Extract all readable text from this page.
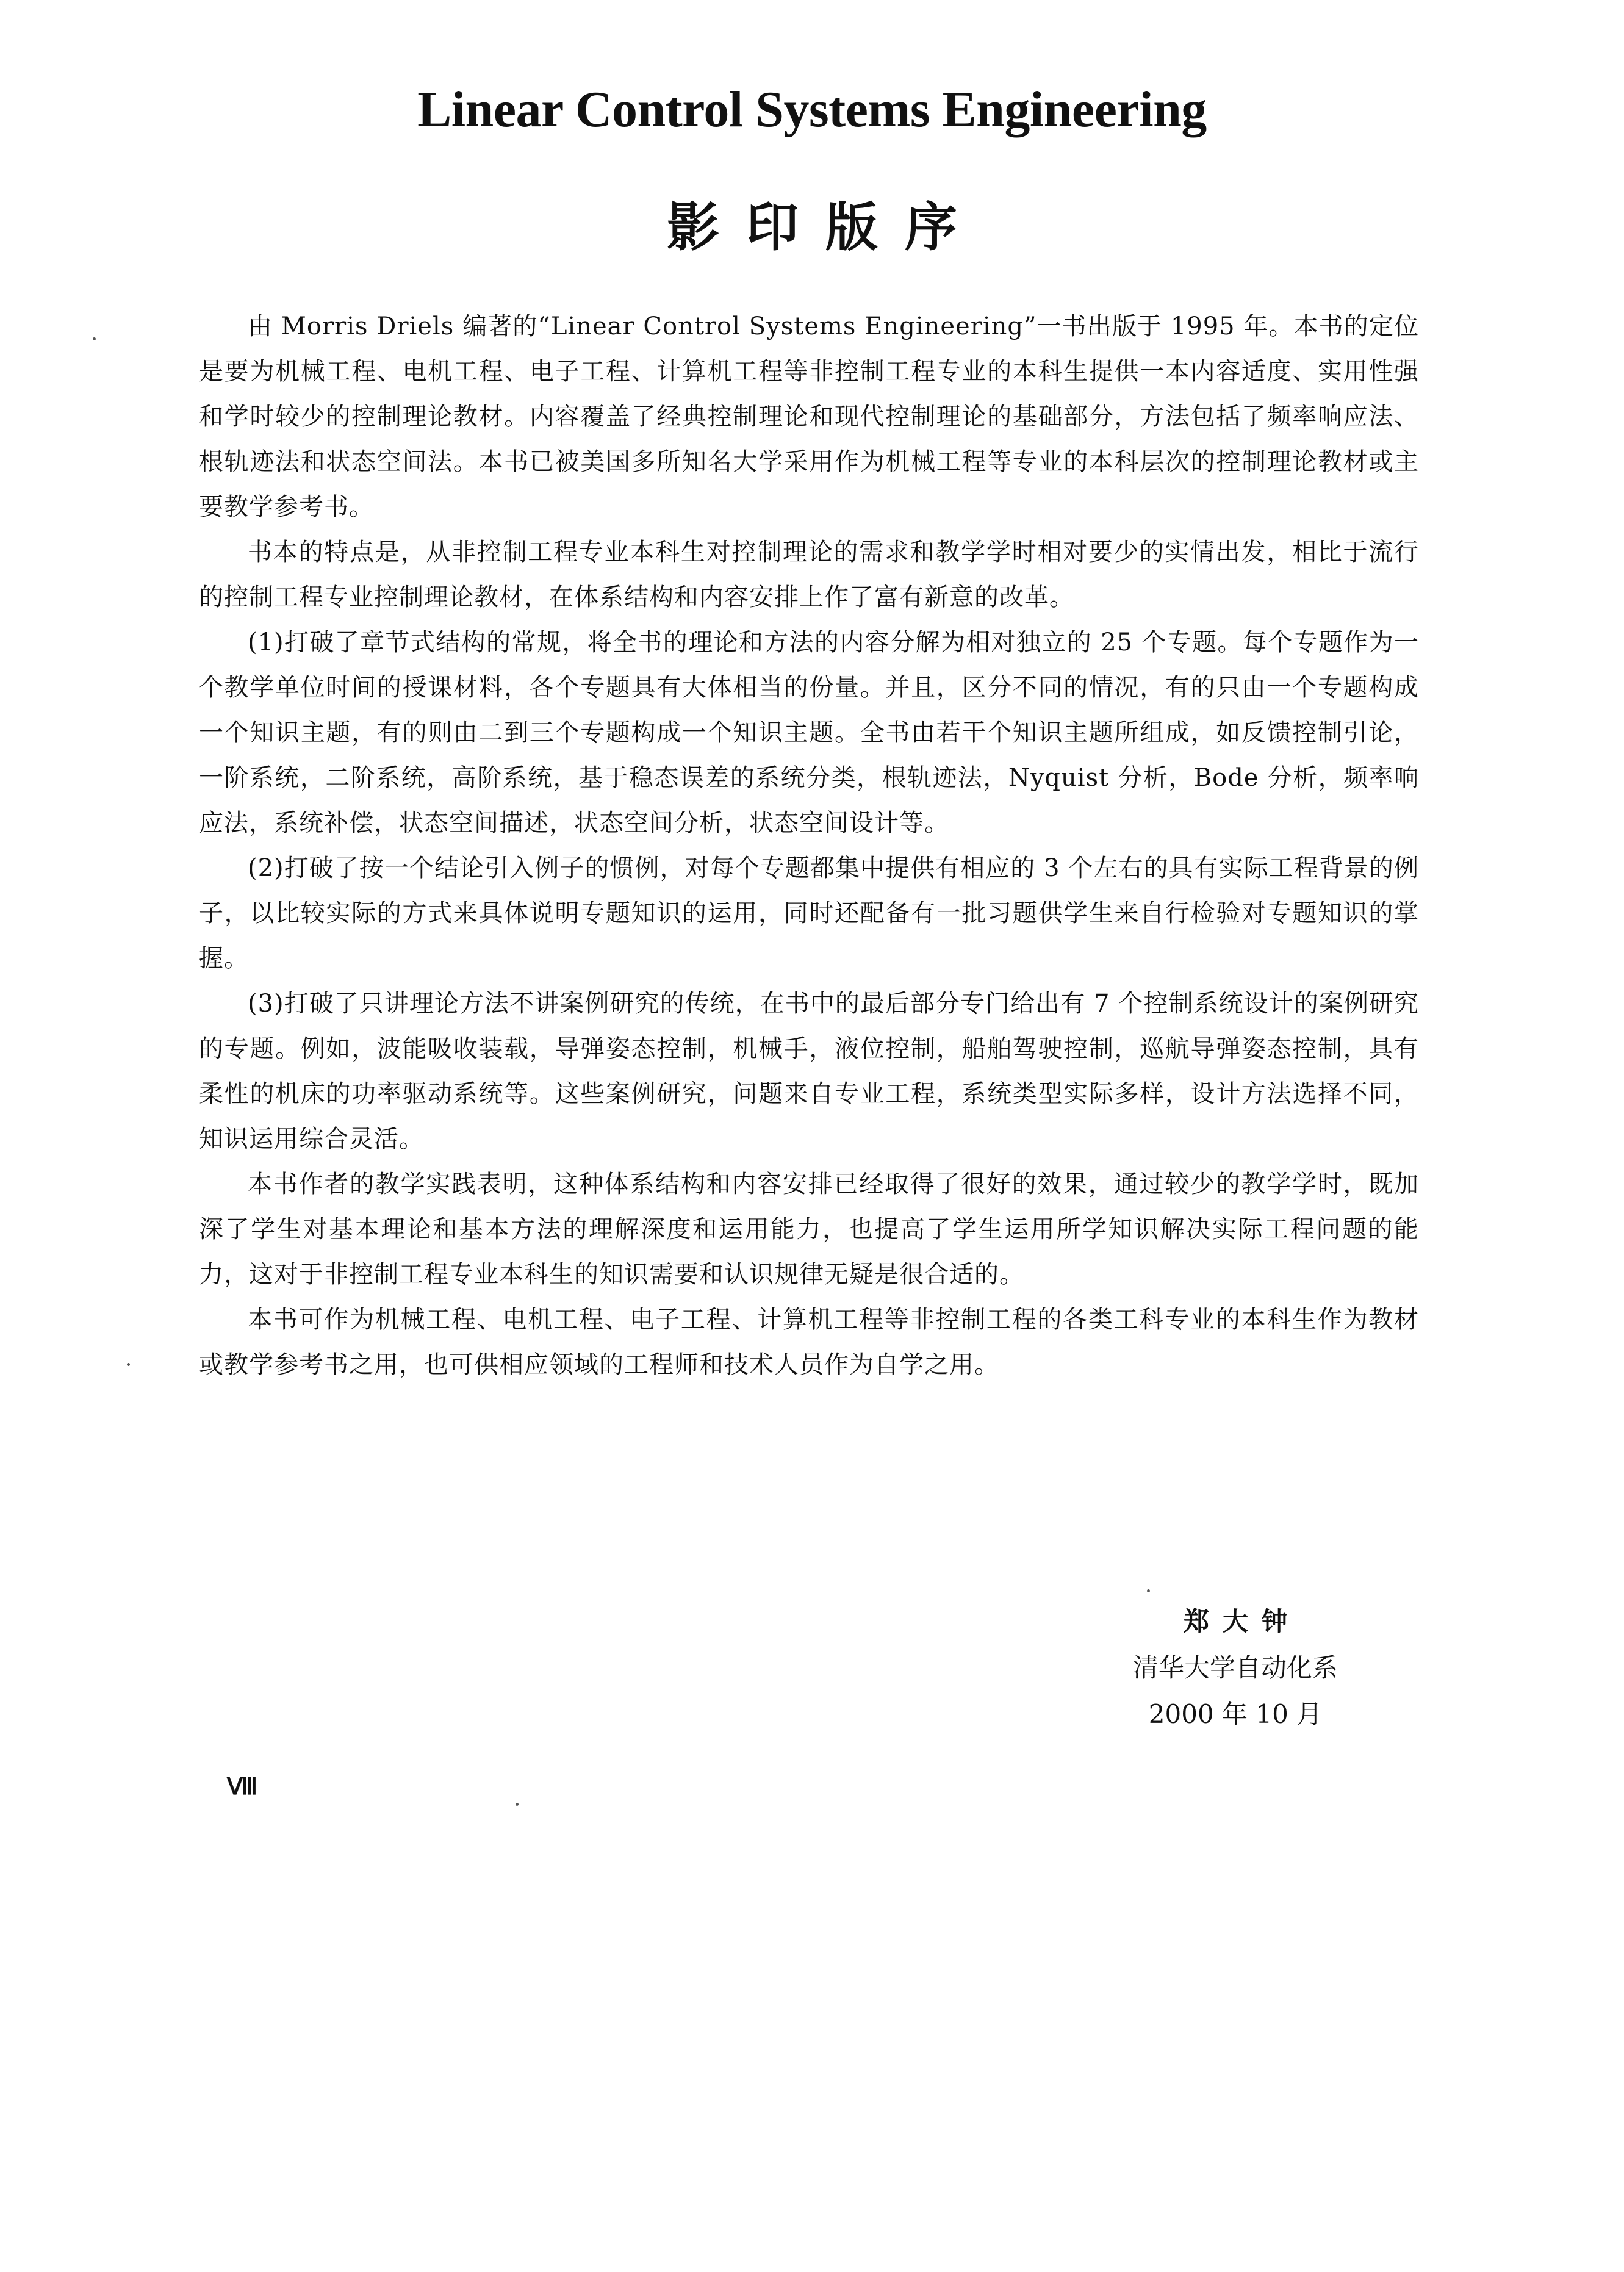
Linear Control Systems Engineering
影印版序

由 Morris Driels 编著的“Linear Control Systems Engineering”一书出版于 1995 年。本书的定位是要为机械工程、电机工程、电子工程、计算机工程等非控制工程专业的本科生提供一本内容适度、实用性强和学时较少的控制理论教材。内容覆盖了经典控制理论和现代控制理论的基础部分，方法包括了频率响应法、根轨迹法和状态空间法。本书已被美国多所知名大学采用作为机械工程等专业的本科层次的控制理论教材或主要教学参考书。

书本的特点是，从非控制工程专业本科生对控制理论的需求和教学学时相对要少的实情出发，相比于流行的控制工程专业控制理论教材，在体系结构和内容安排上作了富有新意的改革。

(1)打破了章节式结构的常规，将全书的理论和方法的内容分解为相对独立的 25 个专题。每个专题作为一个教学单位时间的授课材料，各个专题具有大体相当的份量。并且，区分不同的情况，有的只由一个专题构成一个知识主题，有的则由二到三个专题构成一个知识主题。全书由若干个知识主题所组成，如反馈控制引论，一阶系统，二阶系统，高阶系统，基于稳态误差的系统分类，根轨迹法，Nyquist 分析，Bode 分析，频率响应法，系统补偿，状态空间描述，状态空间分析，状态空间设计等。

(2)打破了按一个结论引入例子的惯例，对每个专题都集中提供有相应的 3 个左右的具有实际工程背景的例子，以比较实际的方式来具体说明专题知识的运用，同时还配备有一批习题供学生来自行检验对专题知识的掌握。

(3)打破了只讲理论方法不讲案例研究的传统，在书中的最后部分专门给出有 7 个控制系统设计的案例研究的专题。例如，波能吸收装载，导弹姿态控制，机械手，液位控制，船舶驾驶控制，巡航导弹姿态控制，具有柔性的机床的功率驱动系统等。这些案例研究，问题来自专业工程，系统类型实际多样，设计方法选择不同，知识运用综合灵活。

本书作者的教学实践表明，这种体系结构和内容安排已经取得了很好的效果，通过较少的教学学时，既加深了学生对基本理论和基本方法的理解深度和运用能力，也提高了学生运用所学知识解决实际工程问题的能力，这对于非控制工程专业本科生的知识需要和认识规律无疑是很合适的。

本书可作为机械工程、电机工程、电子工程、计算机工程等非控制工程的各类工科专业的本科生作为教材或教学参考书之用，也可供相应领域的工程师和技术人员作为自学之用。

郑大钟
清华大学自动化系
2000 年 10 月
Ⅷ
